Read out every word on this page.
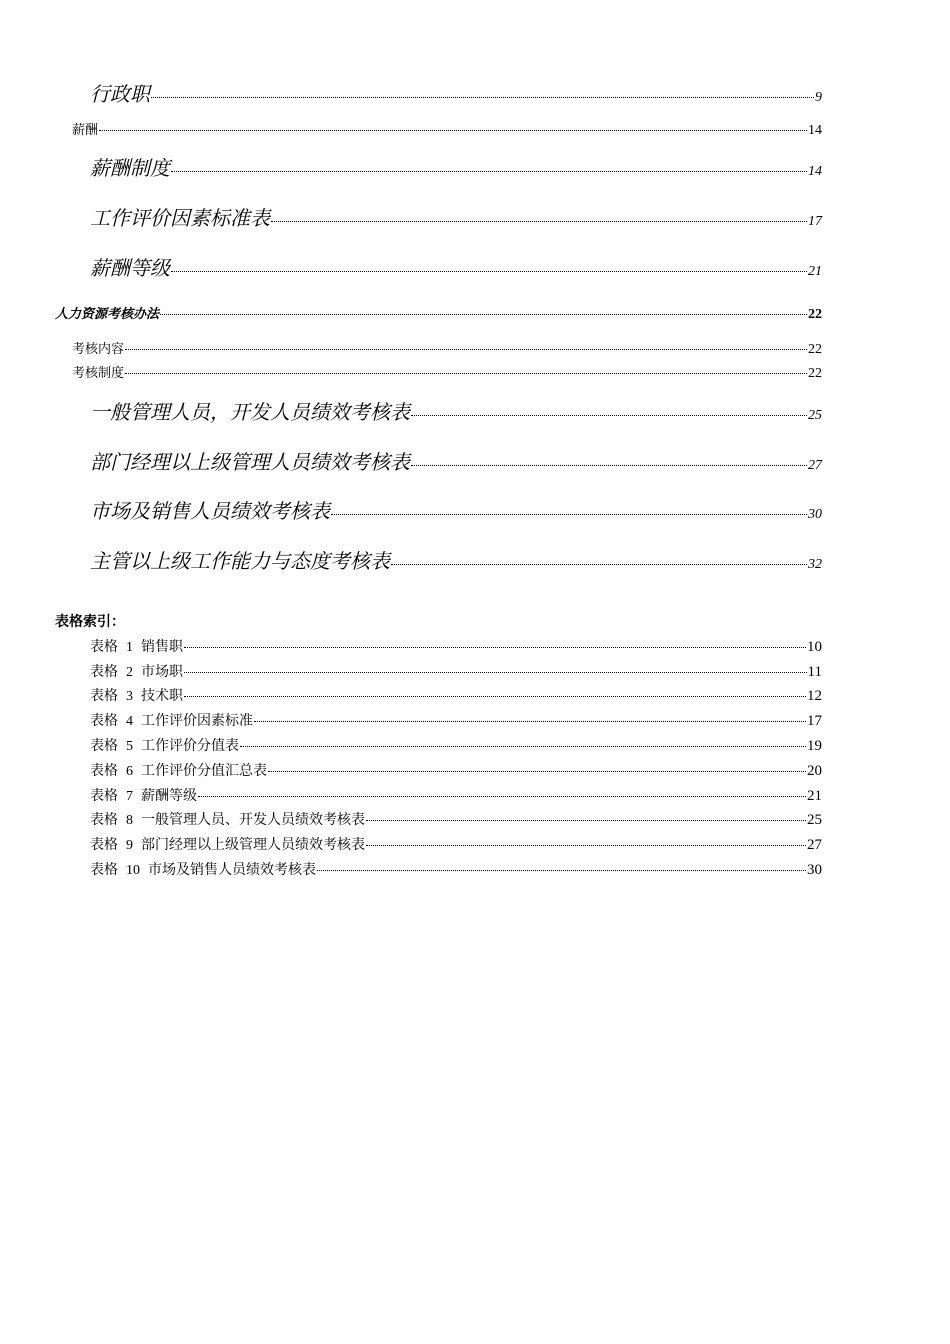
行政职	9
薪酬	14
薪酬制度	14
工作评价因素标准表	17
薪酬等级	21
人力资源考核办法	22
考核内容	22
考核制度	22
一般管理人员，开发人员绩效考核表	25
部门经理以上级管理人员绩效考核表	27
市场及销售人员绩效考核表	30
主管以上级工作能力与态度考核表	32
表格索引：
表格 1 销售职	10
表格 2 市场职	11
表格 3 技术职	12
表格 4 工作评价因素标准	17
表格 5 工作评价分值表	19
表格 6 工作评价分值汇总表	20
表格 7 薪酬等级	21
表格 8 一般管理人员、开发人员绩效考核表	25
表格 9 部门经理以上级管理人员绩效考核表	27
表格 10 市场及销售人员绩效考核表	30
